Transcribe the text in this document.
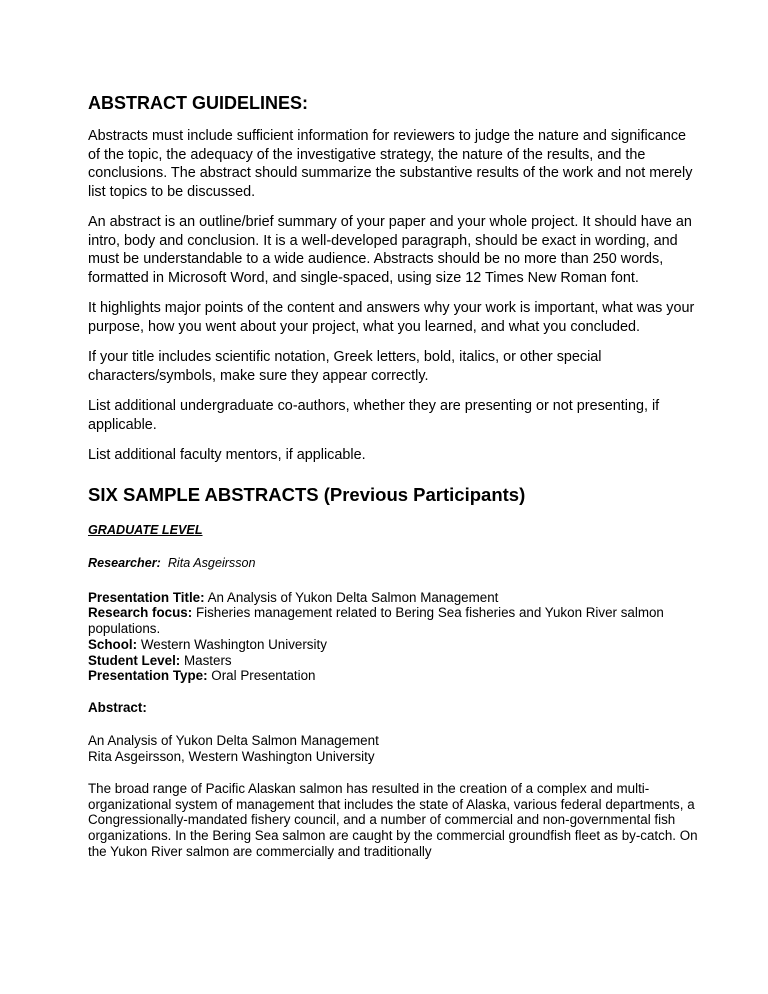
ABSTRACT GUIDELINES:

Abstracts must include sufficient information for reviewers to judge the nature and significance of the topic, the adequacy of the investigative strategy, the nature of the results, and the conclusions. The abstract should summarize the substantive results of the work and not merely list topics to be discussed.

An abstract is an outline/brief summary of your paper and your whole project. It should have an intro, body and conclusion. It is a well-developed paragraph, should be exact in wording, and must be understandable to a wide audience. Abstracts should be no more than 250 words, formatted in Microsoft Word, and single-spaced, using size 12 Times New Roman font.

It highlights major points of the content and answers why your work is important, what was your purpose, how you went about your project, what you learned, and what you concluded.

If your title includes scientific notation, Greek letters, bold, italics, or other special characters/symbols, make sure they appear correctly.

List additional undergraduate co-authors, whether they are presenting or not presenting, if applicable.

List additional faculty mentors, if applicable.

SIX SAMPLE ABSTRACTS (Previous Participants)
GRADUATE LEVEL
Researcher: Rita Asgeirsson
Presentation Title: An Analysis of Yukon Delta Salmon Management
Research focus: Fisheries management related to Bering Sea fisheries and Yukon River salmon populations.
School: Western Washington University
Student Level: Masters
Presentation Type: Oral Presentation
Abstract:
An Analysis of Yukon Delta Salmon Management
Rita Asgeirsson, Western Washington University

The broad range of Pacific Alaskan salmon has resulted in the creation of a complex and multi-organizational system of management that includes the state of Alaska, various federal departments, a Congressionally-mandated fishery council, and a number of commercial and non-governmental fish organizations. In the Bering Sea salmon are caught by the commercial groundfish fleet as by-catch. On the Yukon River salmon are commercially and traditionally
